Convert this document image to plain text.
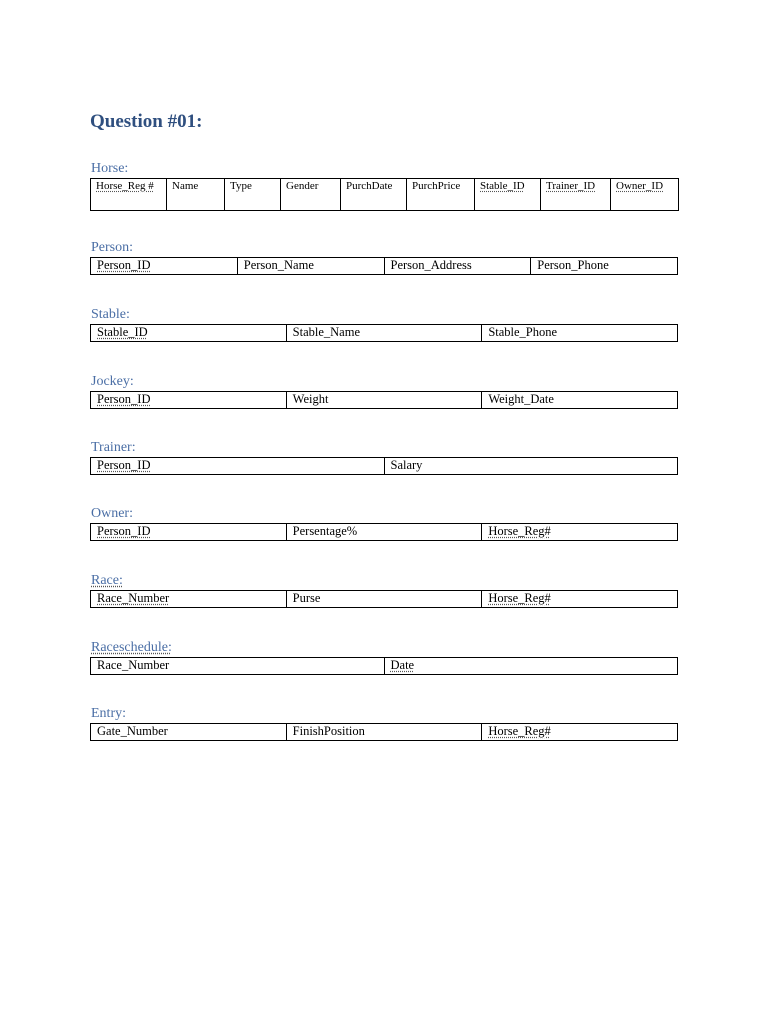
Question #01:
Horse:
Horse_Reg #	Name	Type	Gender	PurchDate	PurchPrice	Stable_ID	Trainer_ID	Owner_ID
Person:
Person_ID	Person_Name	Person_Address	Person_Phone
Stable:
Stable_ID	Stable_Name	Stable_Phone
Jockey:
Person_ID	Weight	Weight_Date
Trainer:
Person_ID	Salary
Owner:
Person_ID	Persentage%	Horse_Reg#
Race:
Race_Number	Purse	Horse_Reg#
Raceschedule:
Race_Number	Date
Entry:
Gate_Number	FinishPosition	Horse_Reg#
